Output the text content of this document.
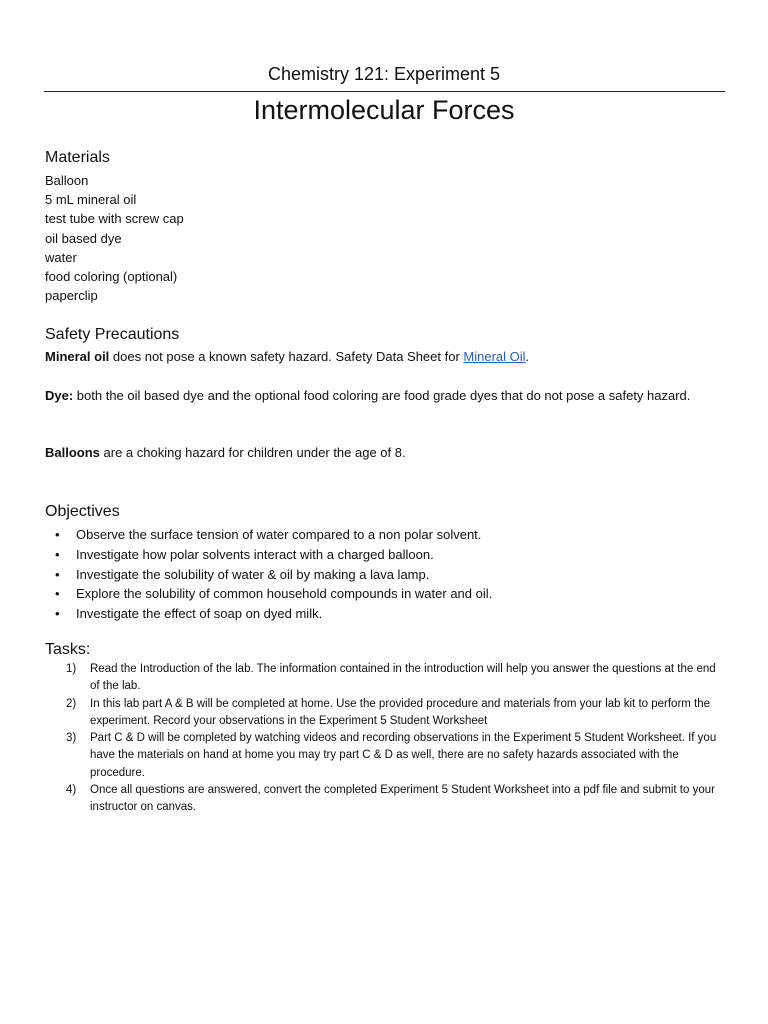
Chemistry 121: Experiment 5
Intermolecular Forces
Materials
Balloon
5 mL mineral oil
test tube with screw cap
oil based dye
water
food coloring (optional)
paperclip
Safety Precautions

Mineral oil does not pose a known safety hazard. Safety Data Sheet for Mineral Oil.

Dye: both the oil based dye and the optional food coloring are food grade dyes that do not pose a safety hazard.

Balloons are a choking hazard for children under the age of 8.

Objectives
• Observe the surface tension of water compared to a non polar solvent.
• Investigate how polar solvents interact with a charged balloon.
• Investigate the solubility of water & oil by making a lava lamp.
• Explore the solubility of common household compounds in water and oil.
• Investigate the effect of soap on dyed milk.
Tasks:
1) Read the Introduction of the lab. The information contained in the introduction will help you answer the questions at the end of the lab.
2) In this lab part A & B will be completed at home. Use the provided procedure and materials from your lab kit to perform the experiment. Record your observations in the Experiment 5 Student Worksheet
3) Part C & D will be completed by watching videos and recording observations in the Experiment 5 Student Worksheet. If you have the materials on hand at home you may try part C & D as well, there are no safety hazards associated with the procedure.
4) Once all questions are answered, convert the completed Experiment 5 Student Worksheet into a pdf file and submit to your instructor on canvas.
